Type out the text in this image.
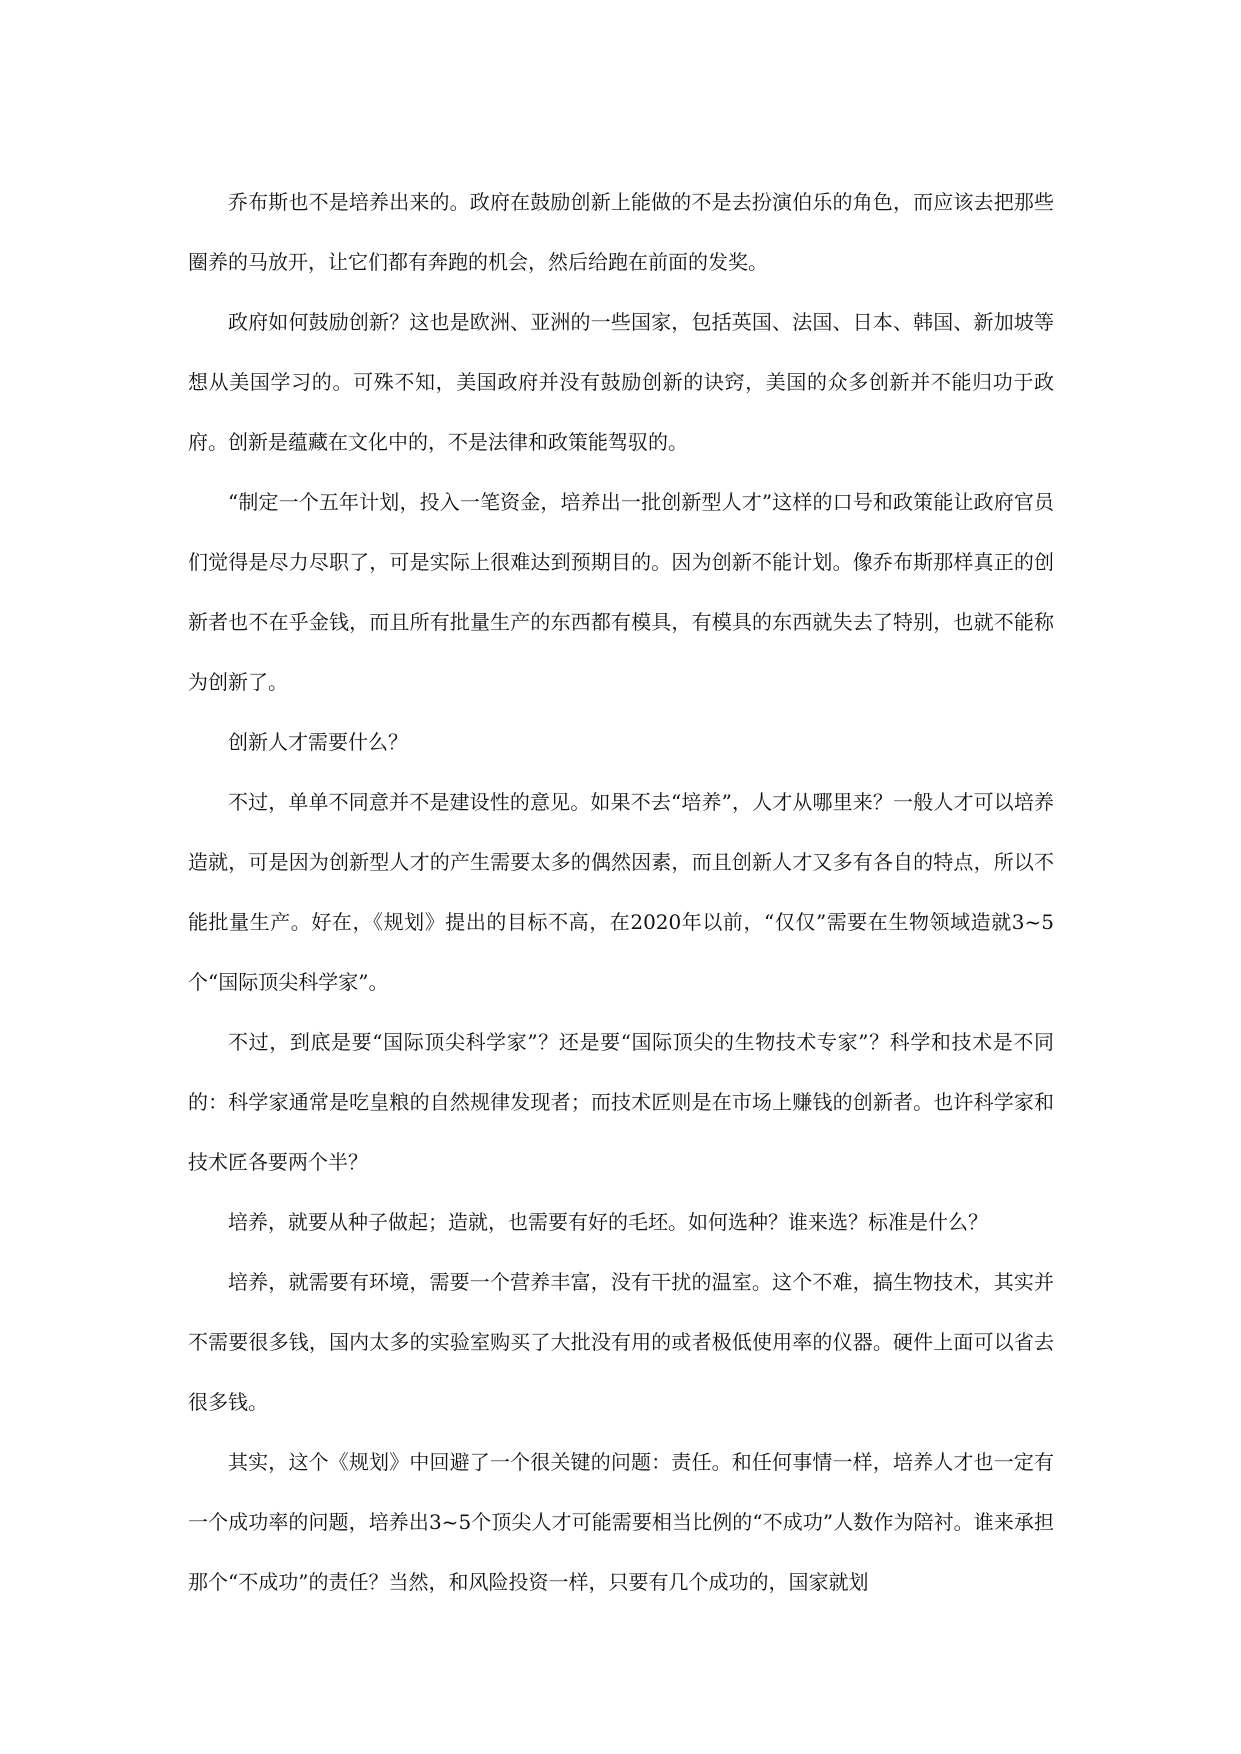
乔布斯也不是培养出来的。政府在鼓励创新上能做的不是去扮演伯乐的角色，而应该去把那些圈养的马放开，让它们都有奔跑的机会，然后给跑在前面的发奖。

政府如何鼓励创新？这也是欧洲、亚洲的一些国家，包括英国、法国、日本、韩国、新加坡等想从美国学习的。可殊不知，美国政府并没有鼓励创新的诀窍，美国的众多创新并不能归功于政府。创新是蕴藏在文化中的，不是法律和政策能驾驭的。

“制定一个五年计划，投入一笔资金，培养出一批创新型人才”这样的口号和政策能让政府官员们觉得是尽力尽职了，可是实际上很难达到预期目的。因为创新不能计划。像乔布斯那样真正的创新者也不在乎金钱，而且所有批量生产的东西都有模具，有模具的东西就失去了特别，也就不能称为创新了。

创新人才需要什么？

不过，单单不同意并不是建设性的意见。如果不去“培养”，人才从哪里来？一般人才可以培养造就，可是因为创新型人才的产生需要太多的偶然因素，而且创新人才又多有各自的特点，所以不能批量生产。好在，《规划》提出的目标不高，在2020年以前，“仅仅”需要在生物领域造就3~5个“国际顶尖科学家”。

不过，到底是要“国际顶尖科学家”？还是要“国际顶尖的生物技术专家”？科学和技术是不同的：科学家通常是吃皇粮的自然规律发现者；而技术匠则是在市场上赚钱的创新者。也许科学家和技术匠各要两个半？

培养，就要从种子做起；造就，也需要有好的毛坯。如何选种？谁来选？标准是什么？

培养，就需要有环境，需要一个营养丰富，没有干扰的温室。这个不难，搞生物技术，其实并不需要很多钱，国内太多的实验室购买了大批没有用的或者极低使用率的仪器。硬件上面可以省去很多钱。

其实，这个《规划》中回避了一个很关键的问题：责任。和任何事情一样，培养人才也一定有一个成功率的问题，培养出3~5个顶尖人才可能需要相当比例的“不成功”人数作为陪衬。谁来承担那个“不成功”的责任？当然，和风险投资一样，只要有几个成功的，国家就划
